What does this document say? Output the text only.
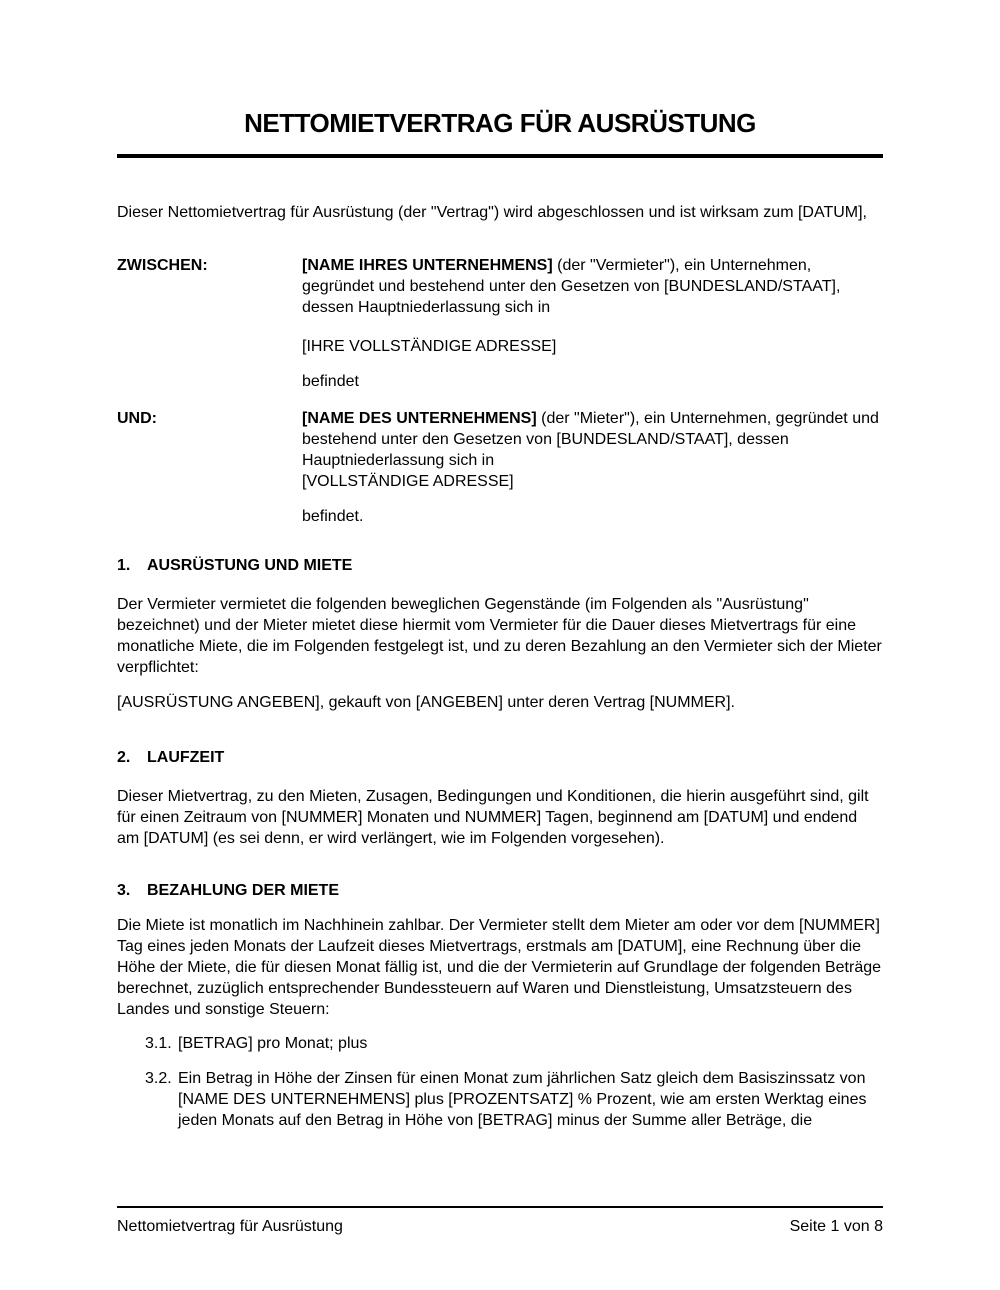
NETTOMIETVERTRAG FÜR AUSRÜSTUNG

Dieser Nettomietvertrag für Ausrüstung (der "Vertrag") wird abgeschlossen und ist wirksam zum [DATUM],

ZWISCHEN:	[NAME IHRES UNTERNEHMENS] (der "Vermieter"), ein Unternehmen, gegründet und bestehend unter den Gesetzen von [BUNDESLAND/STAAT], dessen Hauptniederlassung sich in

[IHRE VOLLSTÄNDIGE ADRESSE]

befindet

UND:	[NAME DES UNTERNEHMENS] (der "Mieter"), ein Unternehmen, gegründet und bestehend unter den Gesetzen von [BUNDESLAND/STAAT], dessen Hauptniederlassung sich in

[VOLLSTÄNDIGE ADRESSE]

befindet.

1.	AUSRÜSTUNG UND MIETE

Der Vermieter vermietet die folgenden beweglichen Gegenstände (im Folgenden als "Ausrüstung" bezeichnet) und der Mieter mietet diese hiermit vom Vermieter für die Dauer dieses Mietvertrags für eine monatliche Miete, die im Folgenden festgelegt ist, und zu deren Bezahlung an den Vermieter sich der Mieter verpflichtet:

[AUSRÜSTUNG ANGEBEN], gekauft von [ANGEBEN] unter deren Vertrag [NUMMER].

2.	LAUFZEIT

Dieser Mietvertrag, zu den Mieten, Zusagen, Bedingungen und Konditionen, die hierin ausgeführt sind, gilt für einen Zeitraum von [NUMMER] Monaten und NUMMER] Tagen, beginnend am [DATUM] und endend am [DATUM] (es sei denn, er wird verlängert, wie im Folgenden vorgesehen).

3.	BEZAHLUNG DER MIETE

Die Miete ist monatlich im Nachhinein zahlbar. Der Vermieter stellt dem Mieter am oder vor dem [NUMMER] Tag eines jeden Monats der Laufzeit dieses Mietvertrags, erstmals am [DATUM], eine Rechnung über die Höhe der Miete, die für diesen Monat fällig ist, und die der Vermieterin auf Grundlage der folgenden Beträge berechnet, zuzüglich entsprechender Bundessteuern auf Waren und Dienstleistung, Umsatzsteuern des Landes und sonstige Steuern:

3.1. [BETRAG] pro Monat; plus
3.2. Ein Betrag in Höhe der Zinsen für einen Monat zum jährlichen Satz gleich dem Basiszinssatz von [NAME DES UNTERNEHMENS] plus [PROZENTSATZ] % Prozent, wie am ersten Werktag eines jeden Monats auf den Betrag in Höhe von [BETRAG] minus der Summe aller Beträge, die
Nettomietvertrag für Ausrüstung	Seite 1 von 8
